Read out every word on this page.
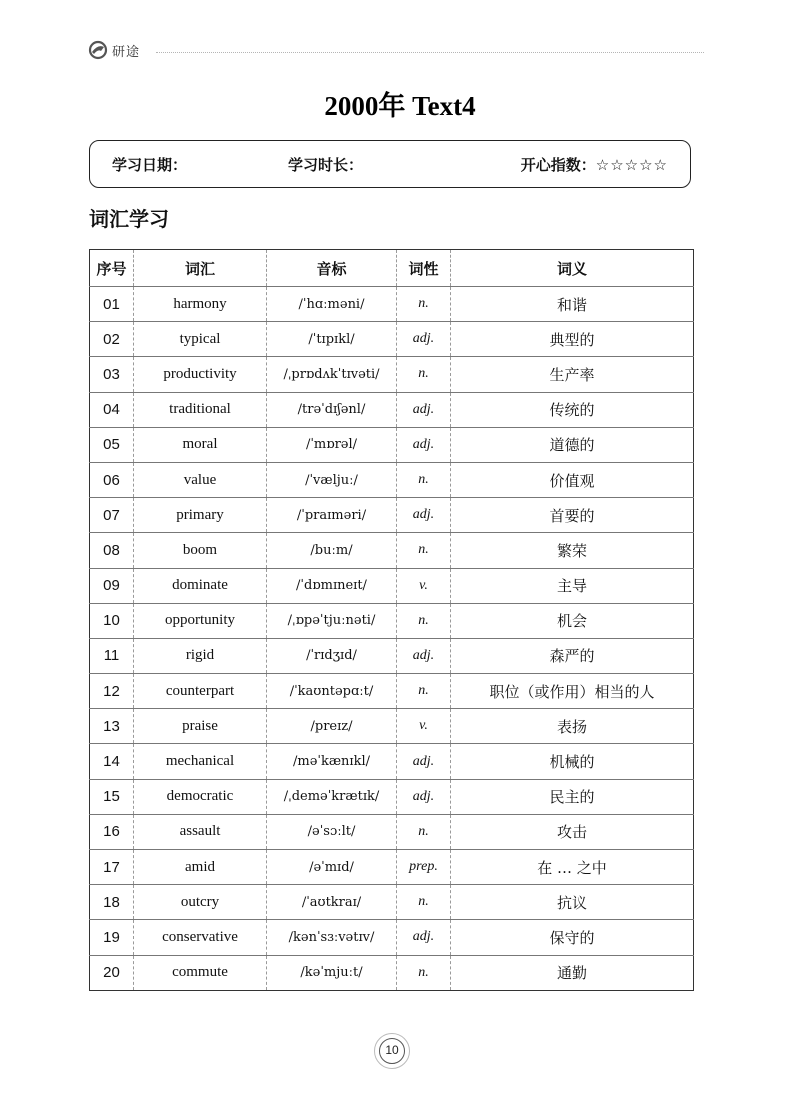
研途
2000年 Text4
学习日期：	学习时长：	开心指数：☆☆☆☆☆
词汇学习
序号	词汇	音标	词性	词义
01	harmony	/ˈhɑːməni/	n.	和谐
02	typical	/ˈtɪpɪkl/	adj.	典型的
03	productivity	/ˌprɒdʌkˈtɪvəti/	n.	生产率
04	traditional	/trəˈdɪʃənl/	adj.	传统的
05	moral	/ˈmɒrəl/	adj.	道德的
06	value	/ˈvæljuː/	n.	价值观
07	primary	/ˈpraɪməri/	adj.	首要的
08	boom	/buːm/	n.	繁荣
09	dominate	/ˈdɒmɪneɪt/	v.	主导
10	opportunity	/ˌɒpəˈtjuːnəti/	n.	机会
11	rigid	/ˈrɪdʒɪd/	adj.	森严的
12	counterpart	/ˈkaʊntəpɑːt/	n.	职位（或作用）相当的人
13	praise	/preɪz/	v.	表扬
14	mechanical	/məˈkænɪkl/	adj.	机械的
15	democratic	/ˌdeməˈkrætɪk/	adj.	民主的
16	assault	/əˈsɔːlt/	n.	攻击
17	amid	/əˈmɪd/	prep.	在 … 之中
18	outcry	/ˈaʊtkraɪ/	n.	抗议
19	conservative	/kənˈsɜːvətɪv/	adj.	保守的
20	commute	/kəˈmjuːt/	n.	通勤
10
